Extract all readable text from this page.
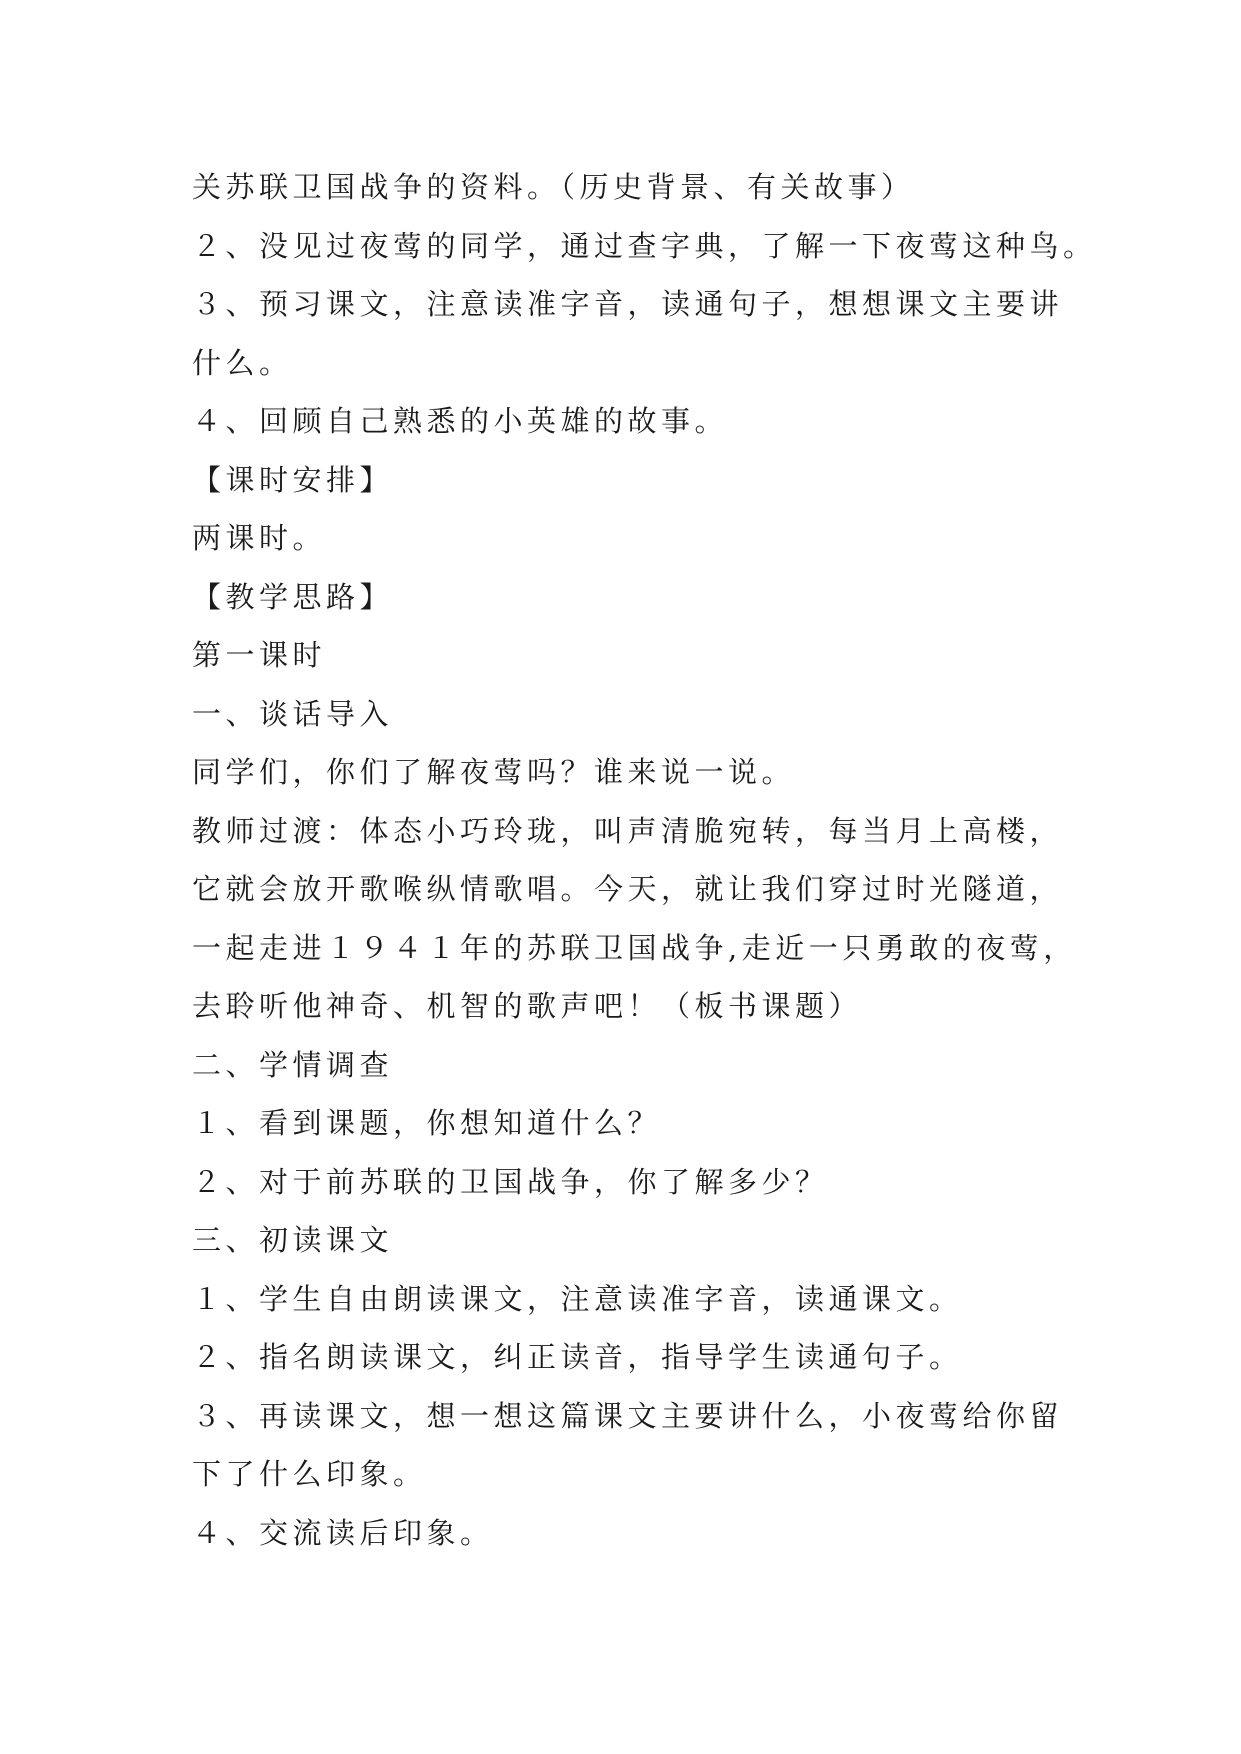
关苏联卫国战争的资料。（历史背景、有关故事）
２、没见过夜莺的同学，通过查字典，了解一下夜莺这种鸟。
３、预习课文，注意读准字音，读通句子，想想课文主要讲
什么。
４、回顾自己熟悉的小英雄的故事。
【课时安排】
两课时。
【教学思路】
第一课时
一、谈话导入
同学们，你们了解夜莺吗？谁来说一说。
教师过渡：体态小巧玲珑，叫声清脆宛转，每当月上高楼，
它就会放开歌喉纵情歌唱。今天，就让我们穿过时光隧道，
一起走进１９４１年的苏联卫国战争,走近一只勇敢的夜莺，
去聆听他神奇、机智的歌声吧！（板书课题）
二、学情调查
１、看到课题，你想知道什么？
２、对于前苏联的卫国战争，你了解多少？
三、初读课文
１、学生自由朗读课文，注意读准字音，读通课文。
２、指名朗读课文，纠正读音，指导学生读通句子。
３、再读课文，想一想这篇课文主要讲什么，小夜莺给你留
下了什么印象。
４、交流读后印象。
